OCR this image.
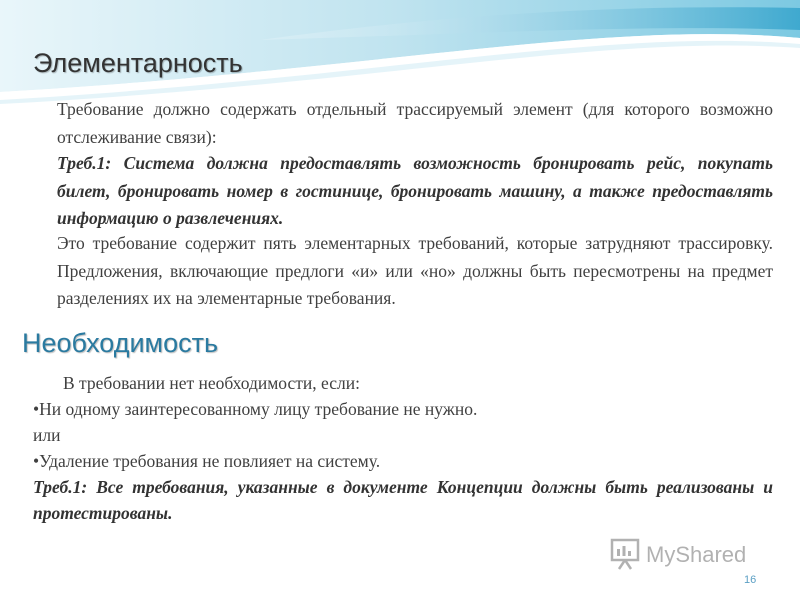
Элементарность

Требование должно содержать отдельный трассируемый элемент (для которого возможно отслеживание связи):

Треб.1: Система должна предоставлять возможность бронировать рейс, покупать билет, бронировать номер в гостинице, бронировать машину, а также предоставлять информацию о развлечениях.

Это требование содержит пять элементарных требований, которые затрудняют трассировку. Предложения, включающие предлоги «и» или «но» должны быть пересмотрены на предмет разделениях их на элементарные требования.

Необходимость
В требовании нет необходимости, если:
•Ни одному заинтересованному лицу требование не нужно.
или
•Удаление требования не повлияет на систему.
Треб.1: Все требования, указанные в документе Концепции должны быть реализованы и протестированы.
MyShared
16
